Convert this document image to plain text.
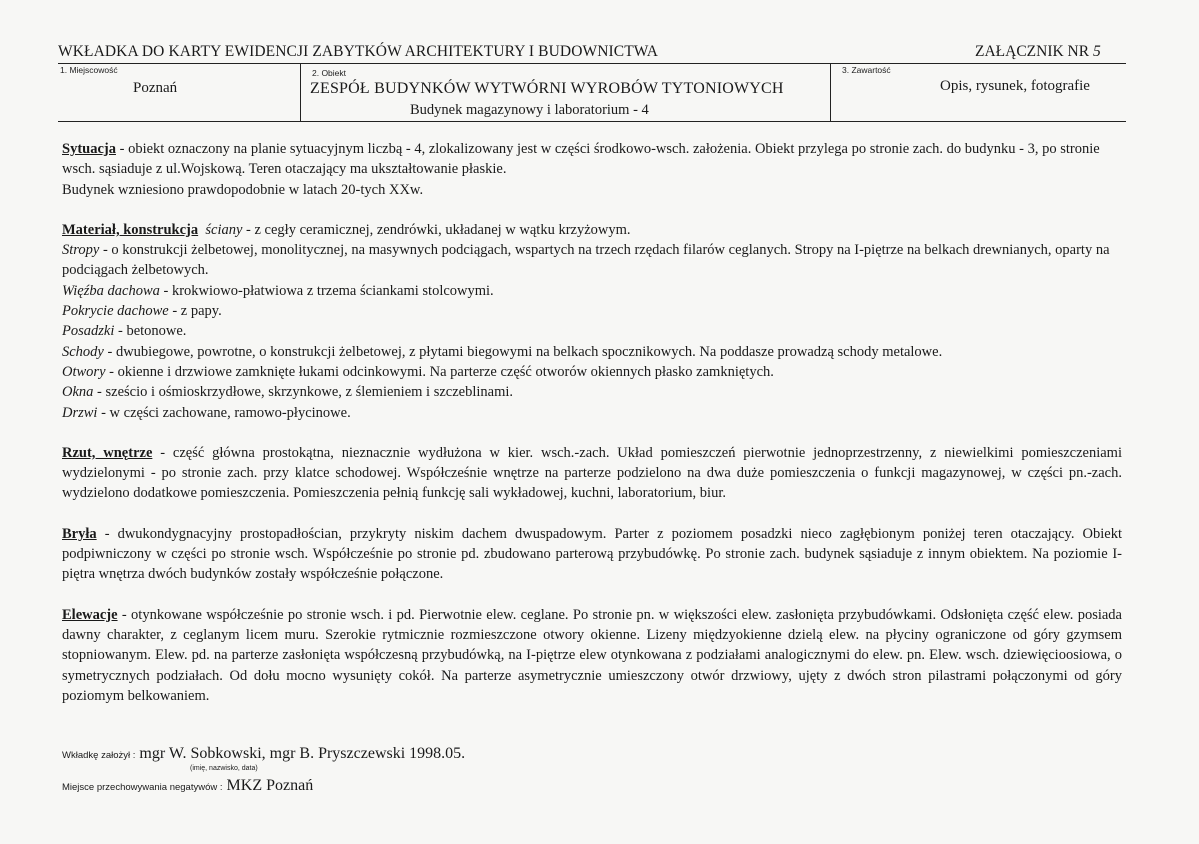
WKŁADKA DO KARTY EWIDENCJI ZABYTKÓW ARCHITEKTURY I BUDOWNICTWA	ZAŁĄCZNIK NR 5
1. Miejscowość
Poznań
2. Obiekt
ZESPÓŁ BUDYNKÓW WYTWÓRNI WYROBÓW TYTONIOWYCH
Budynek magazynowy i laboratorium - 4
3. Zawartość
Opis, rysunek, fotografie

Sytuacja - obiekt oznaczony na planie sytuacyjnym liczbą - 4, zlokalizowany jest w części środkowo-wsch. założenia. Obiekt przylega po stronie zach. do budynku - 3, po stronie wsch. sąsiaduje z ul.Wojskową. Teren otaczający ma ukształtowanie płaskie.

Budynek wzniesiono prawdopodobnie w latach 20-tych XXw.

Materiał, konstrukcja ściany - z cegły ceramicznej, zendrówki, układanej w wątku krzyżowym.

Stropy - o konstrukcji żelbetowej, monolitycznej, na masywnych podciągach, wspartych na trzech rzędach filarów ceglanych. Stropy na I-piętrze na belkach drewnianych, oparty na podciągach żelbetowych.

Więźba dachowa - krokwiowo-płatwiowa z trzema ściankami stolcowymi.

Pokrycie dachowe - z papy.

Posadzki - betonowe.

Schody - dwubiegowe, powrotne, o konstrukcji żelbetowej, z płytami biegowymi na belkach spocznikowych. Na poddasze prowadzą schody metalowe.

Otwory - okienne i drzwiowe zamknięte łukami odcinkowymi. Na parterze część otworów okiennych płasko zamkniętych.

Okna - sześcio i ośmioskrzydłowe, skrzynkowe, z ślemieniem i szczeblinami.

Drzwi - w części zachowane, ramowo-płycinowe.

Rzut, wnętrze - część główna prostokątna, nieznacznie wydłużona w kier. wsch.-zach. Układ pomieszczeń pierwotnie jednoprzestrzenny, z niewielkimi pomieszczeniami wydzielonymi - po stronie zach. przy klatce schodowej. Współcześnie wnętrze na parterze podzielono na dwa duże pomieszczenia o funkcji magazynowej, w części pn.-zach. wydzielono dodatkowe pomieszczenia. Pomieszczenia pełnią funkcję sali wykładowej, kuchni, laboratorium, biur.

Bryła - dwukondygnacyjny prostopadłościan, przykryty niskim dachem dwuspadowym. Parter z poziomem posadzki nieco zagłębionym poniżej teren otaczający. Obiekt podpiwniczony w części po stronie wsch. Współcześnie po stronie pd. zbudowano parterową przybudówkę. Po stronie zach. budynek sąsiaduje z innym obiektem. Na poziomie I-piętra wnętrza dwóch budynków zostały współcześnie połączone.

Elewacje - otynkowane współcześnie po stronie wsch. i pd. Pierwotnie elew. ceglane. Po stronie pn. w większości elew. zasłonięta przybudówkami. Odsłonięta część elew. posiada dawny charakter, z ceglanym licem muru. Szerokie rytmicznie rozmieszczone otwory okienne. Lizeny międzyokienne dzielą elew. na płyciny ograniczone od góry gzymsem stopniowanym. Elew. pd. na parterze zasłonięta współczesną przybudówką, na I-piętrze elew otynkowana z podziałami analogicznymi do elew. pn. Elew. wsch. dziewięcioosiowa, o symetrycznych podziałach. Od dołu mocno wysunięty cokół. Na parterze asymetrycznie umieszczony otwór drzwiowy, ujęty z dwóch stron pilastrami połączonymi od góry poziomym belkowaniem.

Wkładkę założył : mgr W. Sobkowski, mgr B. Pryszczewski 1998.05.
(imię, nazwisko, data)
Miejsce przechowywania negatywów : MKZ Poznań
